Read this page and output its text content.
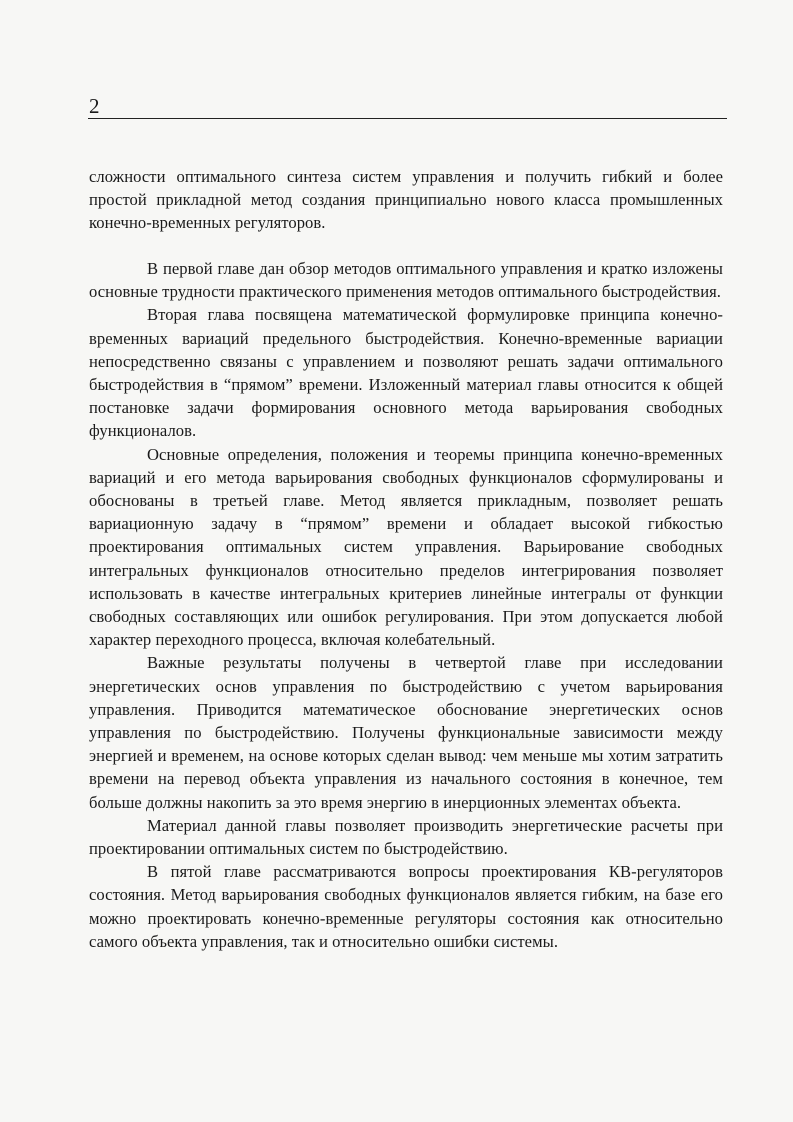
2

сложности оптимального синтеза систем управления и получить гибкий и более простой прикладной метод создания принципиально нового класса промышленных конечно-временных регуляторов.

В первой главе дан обзор методов оптимального управления и кратко изложены основные трудности практического применения методов оптимального быстродействия.

Вторая глава посвящена математической формулировке принципа конечно-временных вариаций предельного быстродействия. Конечно-временные вариации непосредственно связаны с управлением и позволяют решать задачи оптимального быстродействия в “прямом” времени. Изложенный материал главы относится к общей постановке задачи формирования основного метода варьирования свободных функционалов.

Основные определения, положения и теоремы принципа конечно-временных вариаций и его метода варьирования свободных функционалов сформулированы и обоснованы в третьей главе. Метод является прикладным, позволяет решать вариационную задачу в “прямом” времени и обладает высокой гибкостью проектирования оптимальных систем управления. Варьирование свободных интегральных функционалов относительно пределов интегрирования позволяет использовать в качестве интегральных критериев линейные интегралы от функции свободных составляющих или ошибок регулирования. При этом допускается любой характер переходного процесса, включая колебательный.

Важные результаты получены в четвертой главе при исследовании энергетических основ управления по быстродействию с учетом варьирования управления. Приводится математическое обоснование энергетических основ управления по быстродействию. Получены функциональные зависимости между энергией и временем, на основе которых сделан вывод: чем меньше мы хотим затратить времени на перевод объекта управления из начального состояния в конечное, тем больше должны накопить за это время энергию в инерционных элементах объекта.

Материал данной главы позволяет производить энергетические расчеты при проектировании оптимальных систем по быстродействию.

В пятой главе рассматриваются вопросы проектирования КВ-регуляторов состояния. Метод варьирования свободных функционалов является гибким, на базе его можно проектировать конечно-временные регуляторы состояния как относительно самого объекта управления, так и относительно ошибки системы.
